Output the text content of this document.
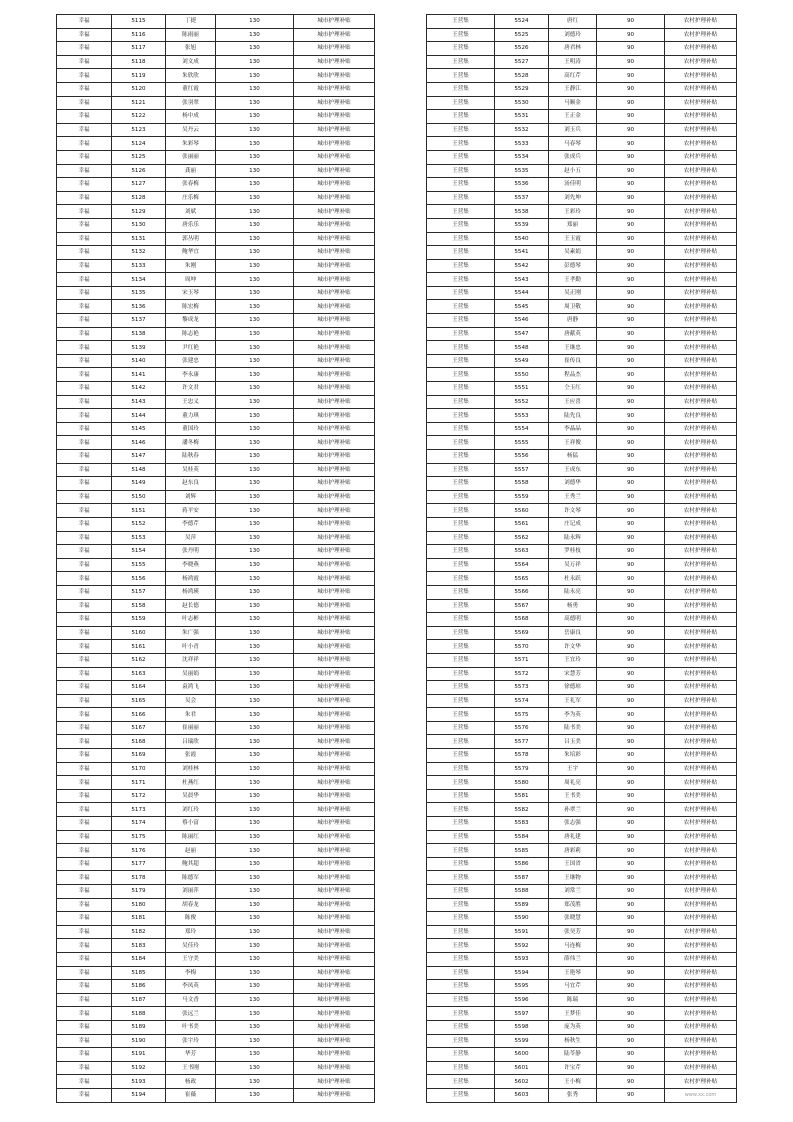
幸福	5115	丁捷	130	城市护理补贴
幸福	5116	陈雨丽	130	城市护理补贴
幸福	5117	张旭	130	城市护理补贴
幸福	5118	刘文成	130	城市护理补贴
幸福	5119	朱欣欣	130	城市护理补贴
幸福	5120	董红霞	130	城市护理补贴
幸福	5121	张羽翠	130	城市护理补贴
幸福	5122	杨中成	130	城市护理补贴
幸福	5123	吴丹云	130	城市护理补贴
幸福	5124	朱彩琴	130	城市护理补贴
幸福	5125	张丽丽	130	城市护理补贴
幸福	5126	龚丽	130	城市护理补贴
幸福	5127	张春梅	130	城市护理补贴
幸福	5128	庄乐梅	130	城市护理补贴
幸福	5129	刘斌	130	城市护理补贴
幸福	5130	唐乐乐	130	城市护理补贴
幸福	5131	郭丛明	130	城市护理补贴
幸福	5132	鲍华宜	130	城市护理补贴
幸福	5133	朱刚	130	城市护理补贴
幸福	5134	周坤	130	城市护理补贴
幸福	5135	宋玉琴	130	城市护理补贴
幸福	5136	陈宏梅	130	城市护理补贴
幸福	5137	黎成龙	130	城市护理补贴
幸福	5138	陈志艳	130	城市护理补贴
幸福	5139	尹红艳	130	城市护理补贴
幸福	5140	张建忠	130	城市护理补贴
幸福	5141	李永康	130	城市护理补贴
幸福	5142	许文君	130	城市护理补贴
幸福	5143	王忠义	130	城市护理补贴
幸福	5144	董力琪	130	城市护理补贴
幸福	5145	董国玲	130	城市护理补贴
幸福	5146	潘冬梅	130	城市护理补贴
幸福	5147	陆秋春	130	城市护理补贴
幸福	5148	吴桂英	130	城市护理补贴
幸福	5149	赵东良	130	城市护理补贴
幸福	5150	刘辉	130	城市护理补贴
幸福	5151	蒋平安	130	城市护理补贴
幸福	5152	李德芹	130	城市护理补贴
幸福	5153	吴萍	130	城市护理补贴
幸福	5154	张丹明	130	城市护理补贴
幸福	5155	李晓燕	130	城市护理补贴
幸福	5156	杨鸿霞	130	城市护理补贴
幸福	5157	杨鸿瑛	130	城市护理补贴
幸福	5158	赵长德	130	城市护理补贴
幸福	5159	叶志彬	130	城市护理补贴
幸福	5160	朱广强	130	城市护理补贴
幸福	5161	叶小青	130	城市护理补贴
幸福	5162	沈祥祥	130	城市护理补贴
幸福	5163	吴丽娟	130	城市护理补贴
幸福	5164	袁鸿飞	130	城市护理补贴
幸福	5165	吴会	130	城市护理补贴
幸福	5166	朱君	130	城市护理补贴
幸福	5167	崔丽丽	130	城市护理补贴
幸福	5168	吕瑞欣	130	城市护理补贴
幸福	5169	张霞	130	城市护理补贴
幸福	5170	刘桂林	130	城市护理补贴
幸福	5171	杜燕红	130	城市护理补贴
幸福	5172	吴晨华	130	城市护理补贴
幸福	5173	刘红玲	130	城市护理补贴
幸福	5174	蔡小富	130	城市护理补贴
幸福	5175	陈丽红	130	城市护理补贴
幸福	5176	赵丽	130	城市护理补贴
幸福	5177	鲍其超	130	城市护理补贴
幸福	5178	陈德军	130	城市护理补贴
幸福	5179	刘丽萍	130	城市护理补贴
幸福	5180	胡春龙	130	城市护理补贴
幸福	5181	陈俊	130	城市护理补贴
幸福	5182	郑玲	130	城市护理补贴
幸福	5183	吴佳玲	130	城市护理补贴
幸福	5184	王守美	130	城市护理补贴
幸福	5185	李梅	130	城市护理补贴
幸福	5186	李凤英	130	城市护理补贴
幸福	5187	马文香	130	城市护理补贴
幸福	5188	张远兰	130	城市护理补贴
幸福	5189	叶书美	130	城市护理补贴
幸福	5190	张宇玲	130	城市护理补贴
幸福	5191	华芳	130	城市护理补贴
幸福	5192	王书刚	130	城市护理补贴
幸福	5193	杨政	130	城市护理补贴
幸福	5194	崔薇	130	城市护理补贴
王营集	5524	唐红	90	农村护理补贴
王营集	5525	刘德玲	90	农村护理补贴
王营集	5526	唐君林	90	农村护理补贴
王营集	5527	王明涛	90	农村护理补贴
王营集	5528	高红芹	90	农村护理补贴
王营集	5529	王静江	90	农村护理补贴
王营集	5530	马顺金	90	农村护理补贴
王营集	5531	王正金	90	农村护理补贴
王营集	5532	刘玉兵	90	农村护理补贴
王营集	5533	马春琴	90	农村护理补贴
王营集	5534	张成兵	90	农村护理补贴
王营集	5535	赵小五	90	农村护理补贴
王营集	5536	汤佳明	90	农村护理补贴
王营集	5537	刘先坤	90	农村护理补贴
王营集	5538	王彩玲	90	农村护理补贴
王营集	5539	郑丽	90	农村护理补贴
王营集	5540	王玉霞	90	农村护理补贴
王营集	5541	吴素娟	90	农村护理补贴
王营集	5542	彭德琴	90	农村护理补贴
王营集	5543	王孝勤	90	农村护理补贴
王营集	5544	吴正刚	90	农村护理补贴
王营集	5545	周卫敬	90	农村护理补贴
王营集	5546	唐静	90	农村护理补贴
王营集	5547	唐献英	90	农村护理补贴
王营集	5548	王继忠	90	农村护理补贴
王营集	5549	崔传良	90	农村护理补贴
王营集	5550	程品杰	90	农村护理补贴
王营集	5551	仝玉红	90	农村护理补贴
王营集	5552	王应喜	90	农村护理补贴
王营集	5553	陆先良	90	农村护理补贴
王营集	5554	李晶晶	90	农村护理补贴
王营集	5555	王祥俊	90	农村护理补贴
王营集	5556	杨猛	90	农村护理补贴
王营集	5557	王成东	90	农村护理补贴
王营集	5558	刘德华	90	农村护理补贴
王营集	5559	王秀兰	90	农村护理补贴
王营集	5560	许文琴	90	农村护理补贴
王营集	5561	庄记成	90	农村护理补贴
王营集	5562	陆永辉	90	农村护理补贴
王营集	5563	罗桂枝	90	农村护理补贴
王营集	5564	吴万祥	90	农村护理补贴
王营集	5565	杜永跃	90	农村护理补贴
王营集	5566	陆永亮	90	农村护理补贴
王营集	5567	杨勇	90	农村护理补贴
王营集	5568	高德明	90	农村护理补贴
王营集	5569	岳康良	90	农村护理补贴
王营集	5570	许文华	90	农村护理补贴
王营集	5571	王宜玲	90	农村护理补贴
王营集	5572	宋慧芳	90	农村护理补贴
王营集	5573	徐德琼	90	农村护理补贴
王营集	5574	王礼军	90	农村护理补贴
王营集	5575	李为英	90	农村护理补贴
王营集	5576	陆书美	90	农村护理补贴
王营集	5577	吕玉美	90	农村护理补贴
王营集	5578	朱培彩	90	农村护理补贴
王营集	5579	王宇	90	农村护理补贴
王营集	5580	周礼亮	90	农村护理补贴
王营集	5581	王书美	90	农村护理补贴
王营集	5582	孙翠兰	90	农村护理补贴
王营集	5583	张志强	90	农村护理补贴
王营集	5584	唐礼建	90	农村护理补贴
王营集	5585	唐彩莉	90	农村护理补贴
王营集	5586	王国省	90	农村护理补贴
王营集	5587	王继物	90	农村护理补贴
王营集	5588	刘常兰	90	农村护理补贴
王营集	5589	郑茂胜	90	农村护理补贴
王营集	5590	张晓慧	90	农村护理补贴
王营集	5591	张昊芳	90	农村护理补贴
王营集	5592	马连梅	90	农村护理补贴
王营集	5593	薛伟兰	90	农村护理补贴
王营集	5594	王艳琴	90	农村护理补贴
王营集	5595	马宜芹	90	农村护理补贴
王营集	5596	陈瑞	90	农村护理补贴
王营集	5597	王梦佳	90	农村护理补贴
王营集	5598	庞为英	90	农村护理补贴
王营集	5599	杨秋生	90	农村护理补贴
王营集	5600	陆苓静	90	农村护理补贴
王营集	5601	许宝芹	90	农村护理补贴
王营集	5602	王小梅	90	农村护理补贴
王营集	5603	张秀	90	www.xx.com
